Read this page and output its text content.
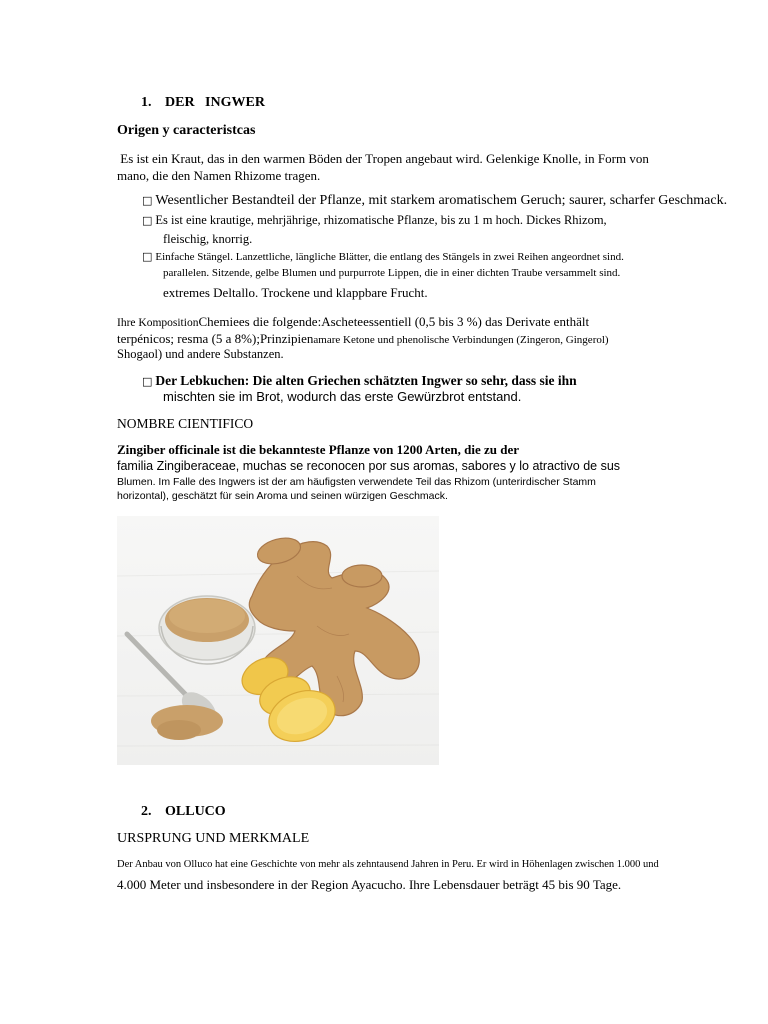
1. DER   INGWER
Origen y caracteristcas
Es ist ein Kraut, das in den warmen Böden der Tropen angebaut wird. Gelenkige Knolle, in Form von
mano, die den Namen Rhizome tragen.
□ Wesentlicher Bestandteil der Pflanze, mit starkem aromatischem Geruch; saurer, scharfer Geschmack.
□ Es ist eine krautige, mehrjährige, rhizomatische Pflanze, bis zu 1 m hoch. Dickes Rhizom,
fleischig, knorrig.
□ Einfache Stängel. Lanzettliche, längliche Blätter, die entlang des Stängels in zwei Reihen angeordnet sind.
parallelen. Sitzende, gelbe Blumen und purpurrote Lippen, die in einer dichten Traube versammelt sind.
extremes Deltallo. Trockene und klappbare Frucht.
Ihre KompositionChemiees die folgende:Ascheteessentiell (0,5 bis 3 %) das Derivate enthält
terpénicos; resma (5 a 8%);Prinzipienamare Ketone und phenolische Verbindungen (Zingeron, Gingerol)
Shogaol) und andere Substanzen.
□ Der Lebkuchen: Die alten Griechen schätzten Ingwer so sehr, dass sie ihn
mischten sie im Brot, wodurch das erste Gewürzbrot entstand.
NOMBRE CIENTIFICO
Zingiber officinale ist die bekannteste Pflanze von 1200 Arten, die zu der
familia Zingiberaceae, muchas se reconocen por sus aromas, sabores y lo atractivo de sus
Blumen. Im Falle des Ingwers ist der am häufigsten verwendete Teil das Rhizom (unterirdischer Stamm
horizontal), geschätzt für sein Aroma und seinen würzigen Geschmack.
2. OLLUCO
URSPRUNG UND MERKMALE
Der Anbau von Olluco hat eine Geschichte von mehr als zehntausend Jahren in Peru. Er wird in Höhenlagen zwischen 1.000 und
4.000 Meter und insbesondere in der Region Ayacucho. Ihre Lebensdauer beträgt 45 bis 90 Tage.
